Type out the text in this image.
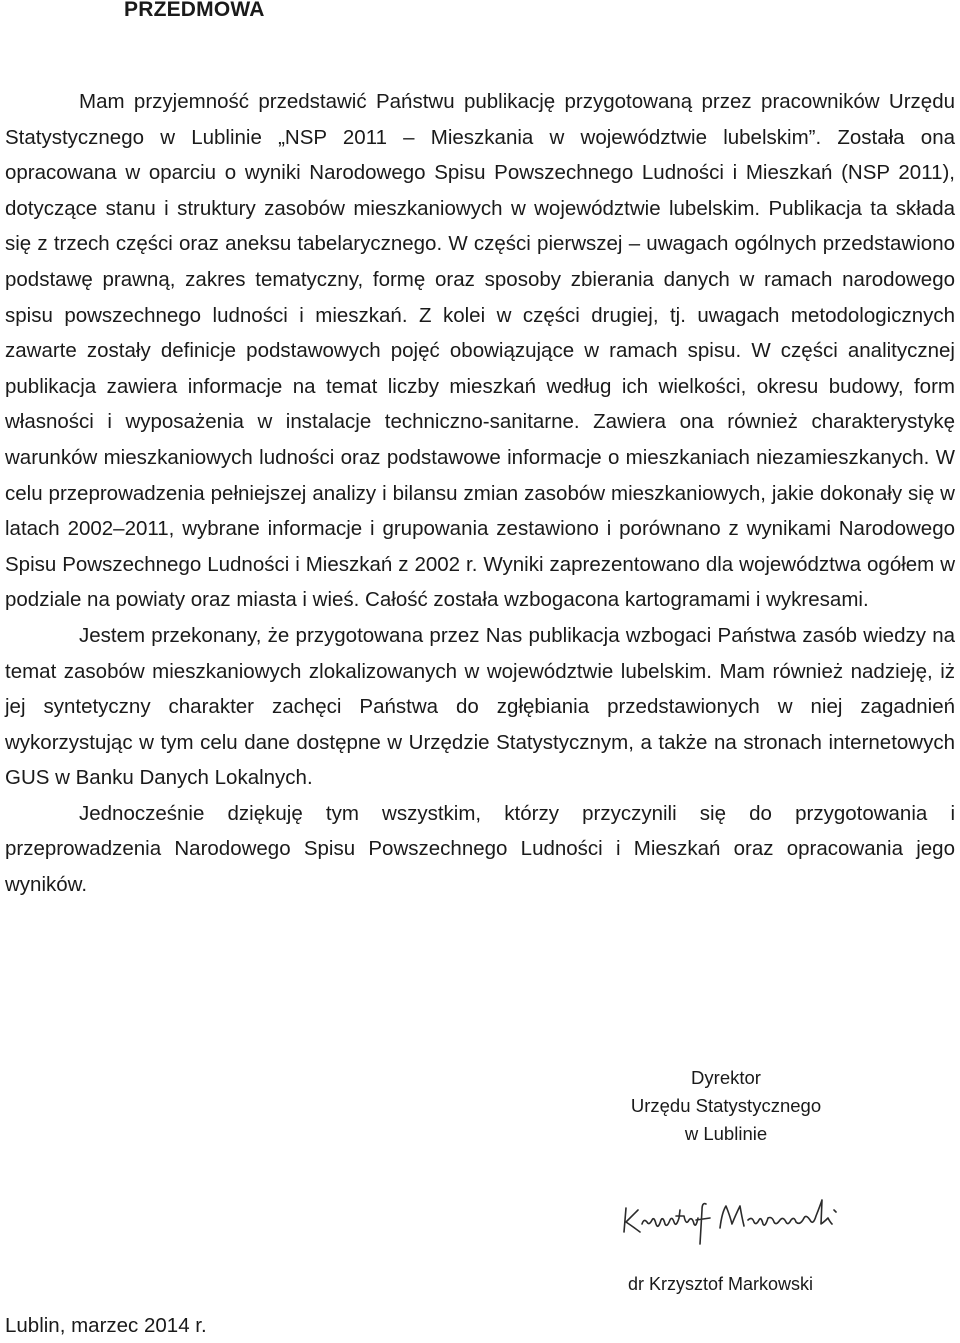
PRZEDMOWA

Mam przyjemność przedstawić Państwu publikację przygotowaną przez pracowników Urzędu Statystycznego w Lublinie „NSP 2011 – Mieszkania w województwie lubelskim”. Została ona opracowana w oparciu o wyniki Narodowego Spisu Powszechnego Ludności i Mieszkań (NSP 2011), dotyczące stanu i struktury zasobów mieszkaniowych w województwie lubelskim. Publikacja ta składa się z trzech części oraz aneksu tabelarycznego. W części pierwszej – uwagach ogólnych przedstawiono podstawę prawną, zakres tematyczny, formę oraz sposoby zbierania danych w ramach narodowego spisu powszechnego ludności i mieszkań. Z kolei w części drugiej, tj. uwagach metodologicznych zawarte zostały definicje podstawowych pojęć obowiązujące w ramach spisu. W części analitycznej publikacja zawiera informacje na temat liczby mieszkań według ich wielkości, okresu budowy, form własności i wyposażenia w instalacje techniczno-sanitarne. Zawiera ona również charakterystykę warunków mieszkaniowych ludności oraz podstawowe informacje o mieszkaniach niezamieszkanych. W celu przeprowadzenia pełniejszej analizy i bilansu zmian zasobów mieszkaniowych, jakie dokonały się w latach 2002–2011, wybrane informacje i grupowania zestawiono i porównano z wynikami Narodowego Spisu Powszechnego Ludności i Mieszkań z 2002 r. Wyniki zaprezentowano dla województwa ogółem w podziale na powiaty oraz miasta i wieś. Całość została wzbogacona kartogramami i wykresami.

Jestem przekonany, że przygotowana przez Nas publikacja wzbogaci Państwa zasób wiedzy na temat zasobów mieszkaniowych zlokalizowanych w województwie lubelskim. Mam również nadzieję, iż jej syntetyczny charakter zachęci Państwa do zgłębiania przedstawionych w niej zagadnień wykorzystując w tym celu dane dostępne w Urzędzie Statystycznym, a także na stronach internetowych GUS w Banku Danych Lokalnych.

Jednocześnie dziękuję tym wszystkim, którzy przyczynili się do przygotowania i przeprowadzenia Narodowego Spisu Powszechnego Ludności i Mieszkań oraz opracowania jego wyników.

Dyrektor
Urzędu Statystycznego
w Lublinie
dr Krzysztof Markowski
Lublin, marzec 2014 r.
